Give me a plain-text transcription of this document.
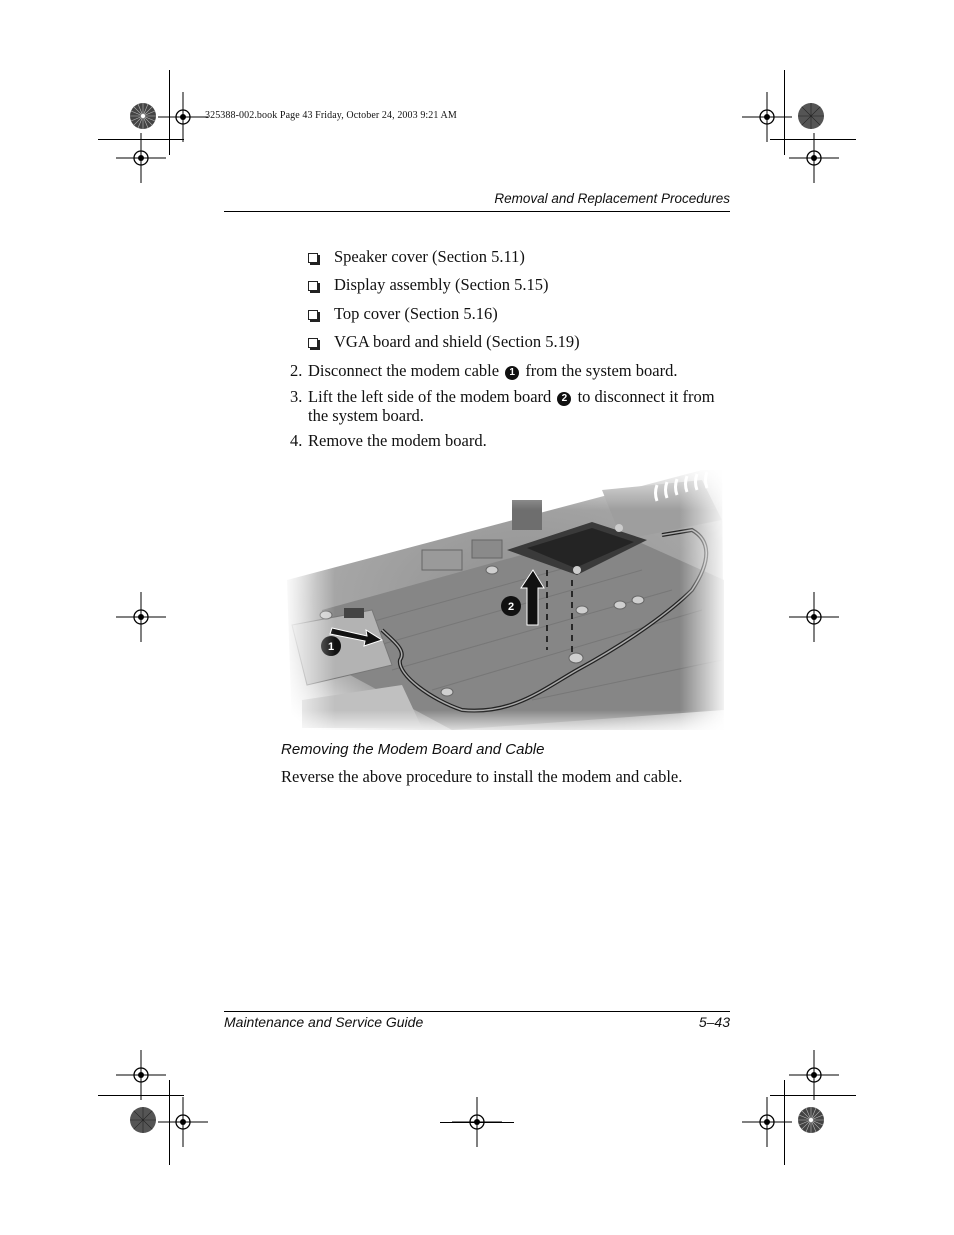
325388-002.book Page 43 Friday, October 24, 2003 9:21 AM
Removal and Replacement Procedures
Speaker cover (Section 5.11)
Display assembly (Section 5.15)
Top cover (Section 5.16)
VGA board and shield (Section 5.19)
2. Disconnect the modem cable 1 from the system board.
3. Lift the left side of the modem board 2 to disconnect it from
the system board.
4. Remove the modem board.
Removing the Modem Board and Cable
Reverse the above procedure to install the modem and cable.
Maintenance and Service Guide	5–43
